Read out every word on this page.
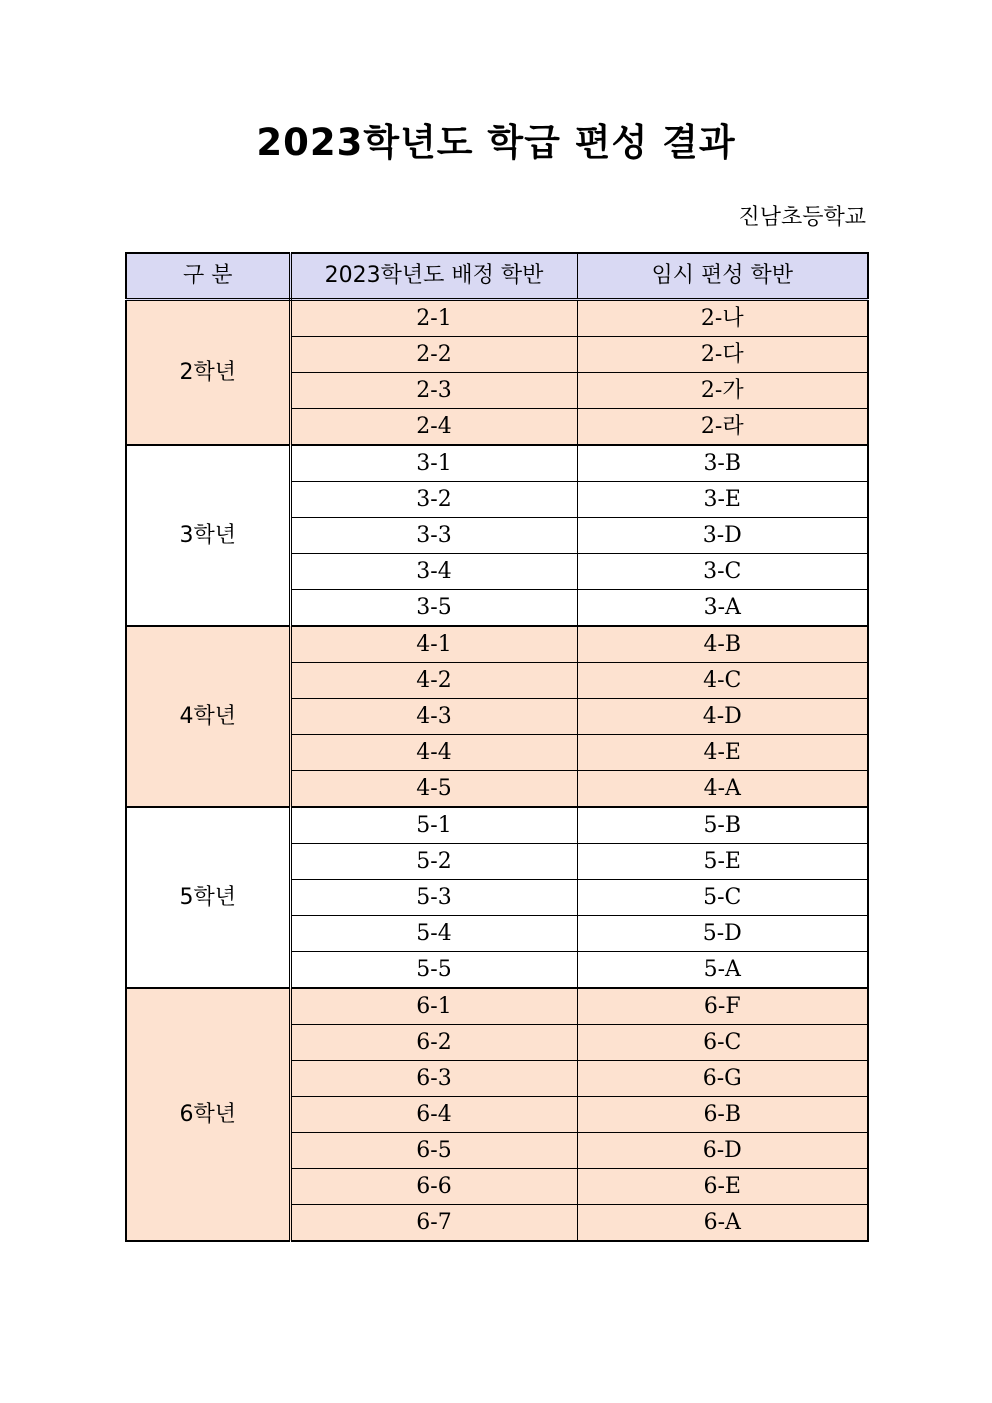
2023학년도 학급 편성 결과
진남초등학교
구 분	2023학년도 배정 학반	임시 편성 학반
2학년	2-1	2-나
	2-2	2-다
	2-3	2-가
	2-4	2-라
3학년	3-1	3-B
	3-2	3-E
	3-3	3-D
	3-4	3-C
	3-5	3-A
4학년	4-1	4-B
	4-2	4-C
	4-3	4-D
	4-4	4-E
	4-5	4-A
5학년	5-1	5-B
	5-2	5-E
	5-3	5-C
	5-4	5-D
	5-5	5-A
6학년	6-1	6-F
	6-2	6-C
	6-3	6-G
	6-4	6-B
	6-5	6-D
	6-6	6-E
	6-7	6-A
